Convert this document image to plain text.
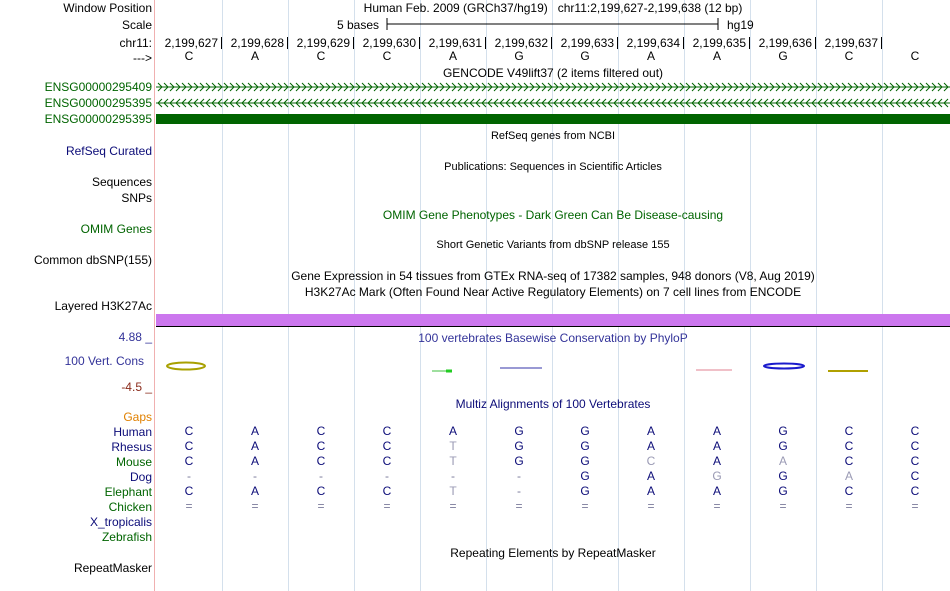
Window Position	Human Feb. 2009 (GRCh37/hg19)   chr11:2,199,627-2,199,638 (12 bp)
Scale	5 bases	hg19
chr11: 2,199,627 2,199,628 2,199,629 2,199,630 2,199,631 2,199,632 2,199,633 2,199,634 2,199,635 2,199,636 2,199,637
--->	C	A	C	C	A	G	G	A	A	G	C	C
GENCODE V49lift37 (2 items filtered out)
ENSG00000295409
ENSG00000295395
ENSG00000295395
RefSeq genes from NCBI
RefSeq Curated
Publications: Sequences in Scientific Articles
Sequences
SNPs
OMIM Gene Phenotypes - Dark Green Can Be Disease-causing
OMIM Genes
Short Genetic Variants from dbSNP release 155
Common dbSNP(155)
Gene Expression in 54 tissues from GTEx RNA-seq of 17382 samples, 948 donors (V8, Aug 2019)
H3K27Ac Mark (Often Found Near Active Regulatory Elements) on 7 cell lines from ENCODE
Layered H3K27Ac
4.88 _	100 vertebrates Basewise Conservation by PhyloP
100 Vert. Cons
-4.5 _
Gaps
Multiz Alignments of 100 Vertebrates
Human	C	A	C	C	A	G	G	A	A	G	C	C
Rhesus	C	A	C	C	T	G	G	A	A	G	C	C
Mouse	C	A	C	C	T	G	G	C	A	A	C	C
Dog	-	-	-	-	-	-	G	A	G	G	A	C
Elephant	C	A	C	C	T	-	G	A	A	G	C	C
Chicken	=	=	=	=	=	=	=	=	=	=	=	=
X_tropicalis
Zebrafish
Repeating Elements by RepeatMasker
RepeatMasker
